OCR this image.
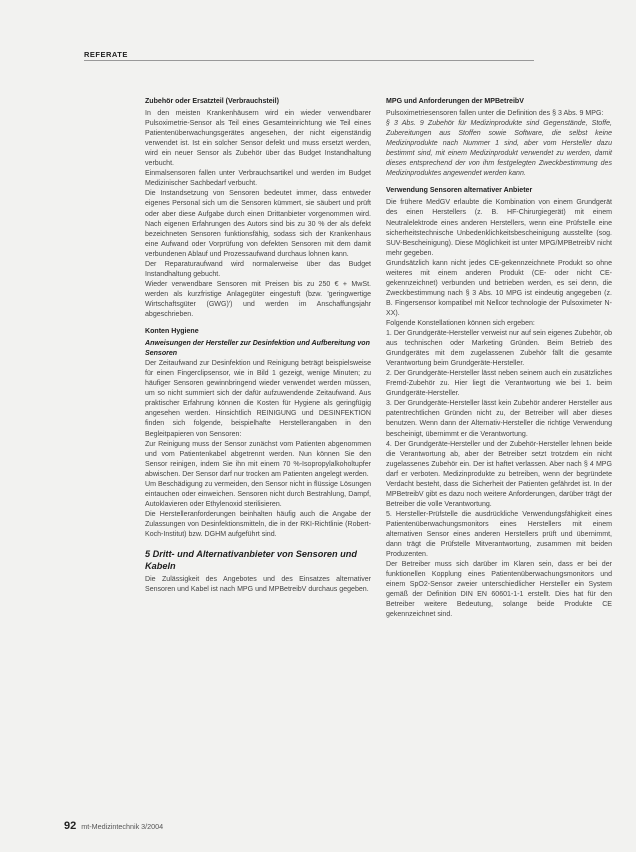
REFERATE
Zubehör oder Ersatzteil (Verbrauchsteil)
In den meisten Krankenhäusern wird ein wieder verwendbarer Pulsoximetrie-Sensor als Teil eines Gesamteinrichtung wie Teil eines Patientenüberwachungsgerätes angesehen, der nicht eigenständig verwendet ist. Ist ein solcher Sensor defekt und muss ersetzt werden, wird ein neuer Sensor als Zubehör über das Budget Instandhaltung verbucht.
Einmalsensoren fallen unter Verbrauchsartikel und werden im Budget Medizinischer Sachbedarf verbucht.
Die Instandsetzung von Sensoren bedeutet immer, dass entweder eigenes Personal sich um die Sensoren kümmert, sie säubert und prüft oder aber diese Aufgabe durch einen Drittanbieter vorgenommen wird. Nach eigenen Erfahrungen des Autors sind bis zu 30 % der als defekt bezeichneten Sensoren funktionsfähig, sodass sich der Krankenhaus eine Aufwand oder Vorprüfung von defekten Sensoren mit dem damit verbundenen Ablauf und Prozessaufwand durchaus lohnen kann.
Der Reparaturaufwand wird normalerweise über das Budget Instandhaltung gebucht.
Wieder verwendbare Sensoren mit Preisen bis zu 250 € + MwSt. werden als kurzfristige Anlagegüter eingestuft (bzw. 'geringwertige Wirtschaftsgüter (GWG)') und werden im Anschaffungsjahr abgeschrieben.
Konten Hygiene
Anweisungen der Hersteller zur Desinfektion und Aufbereitung von Sensoren
Der Zeitaufwand zur Desinfektion und Reinigung beträgt beispielsweise für einen Fingerclipsensor, wie in Bild 1 gezeigt, wenige Minuten; zu häufiger Sensoren gewinnbringend wieder verwendet werden müssen, um so nicht summiert sich der dafür aufzuwendende Zeitaufwand. Aus praktischer Erfahrung können die Kosten für Hygiene als geringfügig angesehen werden. Hinsichtlich REINIGUNG und DESINFEKTION finden sich folgende, beispielhafte Herstellerangaben in den Begleitpapieren von Sensoren:
Zur Reinigung muss der Sensor zunächst vom Patienten abgenommen und vom Patientenkabel abgetrennt werden. Nun können Sie den Sensor reinigen, indem Sie ihn mit einem 70 %-Isopropylalkoholtupfer abwischen. Der Sensor darf nur trocken am Patienten angelegt werden.
Um Beschädigung zu vermeiden, den Sensor nicht in flüssige Lösungen eintauchen oder einweichen. Sensoren nicht durch Bestrahlung, Dampf, Autoklavieren oder Ethylenoxid sterilisieren.
Die Herstelleranforderungen beinhalten häufig auch die Angabe der Zulassungen von Desinfektionsmitteln, die in der RKI-Richtlinie (Robert-Koch-Institut) bzw. DGHM aufgeführt sind.
5 Dritt- und Alternativanbieter von Sensoren und Kabeln
Die Zulässigkeit des Angebotes und des Einsatzes alternativer Sensoren und Kabel ist nach MPG und MPBetreibV durchaus gegeben.
MPG und Anforderungen der MPBetreibV
Pulsoximetriesensoren fallen unter die Definition des § 3 Abs. 9 MPG:
§ 3 Abs. 9 Zubehör für Medizinprodukte sind Gegenstände, Stoffe, Zubereitungen aus Stoffen sowie Software, die selbst keine Medizinprodukte nach Nummer 1 sind, aber vom Hersteller dazu bestimmt sind, mit einem Medizinprodukt verwendet zu werden, damit dieses entsprechend der von ihm festgelegten Zweckbestimmung des Medizinproduktes angewendet werden kann.
Verwendung Sensoren alternativer Anbieter
Die frühere MedGV erlaubte die Kombination von einem Grundgerät des einen Herstellers (z. B. HF-Chirurgiegerät) mit einem Neutralelektrode eines anderen Herstellers, wenn eine Prüfstelle eine sicherheitstechnische Unbedenklichkeitsbescheinigung ausstellte (sog. SUV-Bescheinigung). Diese Möglichkeit ist unter MPG/MPBetreibV nicht mehr gegeben.
Grundsätzlich kann nicht jedes CE-gekennzeichnete Produkt so ohne weiteres mit einem anderen Produkt (CE- oder nicht CE-gekennzeichnet) verbunden und betrieben werden, es sei denn, die Zweckbestimmung nach § 3 Abs. 10 MPG ist eindeutig angegeben (z. B. Fingersensor kompatibel mit Nellcor technologie der Pulsoximeter N-XX).
Folgende Konstellationen können sich ergeben:
1. Der Grundgeräte-Hersteller verweist nur auf sein eigenes Zubehör, ob aus technischen oder Marketing Gründen. Beim Betrieb des Grundgerätes mit dem zugelassenen Zubehör fällt die gesamte Verantwortung beim Grundgeräte-Hersteller.
2. Der Grundgeräte-Hersteller lässt neben seinem auch ein zusätzliches Fremd-Zubehör zu. Hier liegt die Verantwortung wie bei 1. beim Grundgeräte-Hersteller.
3. Der Grundgeräte-Hersteller lässt kein Zubehör anderer Hersteller aus patentrechtlichen Gründen nicht zu, der Betreiber will aber dieses benutzen. Wenn dann der Alternativ-Hersteller die richtige Verwendung bescheinigt, übernimmt er die Verantwortung.
4. Der Grundgeräte-Hersteller und der Zubehör-Hersteller lehnen beide die Verantwortung ab, aber der Betreiber setzt trotzdem ein nicht zugelassenes Zubehör ein. Der ist haftet verlassen. Aber nach § 4 MPG darf er verboten. Medizinprodukte zu betreiben, wenn der begründete Verdacht besteht, dass die Sicherheit der Patienten gefährdet ist. In der MPBetreibV gibt es dazu noch weitere Anforderungen, darüber trägt der Betreiber die volle Verantwortung.
5. Hersteller-Prüfstelle die ausdrückliche Verwendungsfähigkeit eines Patientenüberwachungsmonitors eines Herstellers mit einem alternativen Sensor eines anderen Herstellers prüft und übernimmt, dann trägt die Prüfstelle Mitverantwortung, zusammen mit beiden Produzenten.
Der Betreiber muss sich darüber im Klaren sein, dass er bei der funktionellen Kopplung eines Patientenüberwachungsmonitors und einem SpO2-Sensor zweier unterschiedlicher Hersteller ein System gemäß der Definition DIN EN 60601-1-1 erstellt. Dies hat für den Betreiber weitere Bedeutung, solange beide Produkte CE gekennzeichnet sind.
92 mt-Medizintechnik 3/2004
